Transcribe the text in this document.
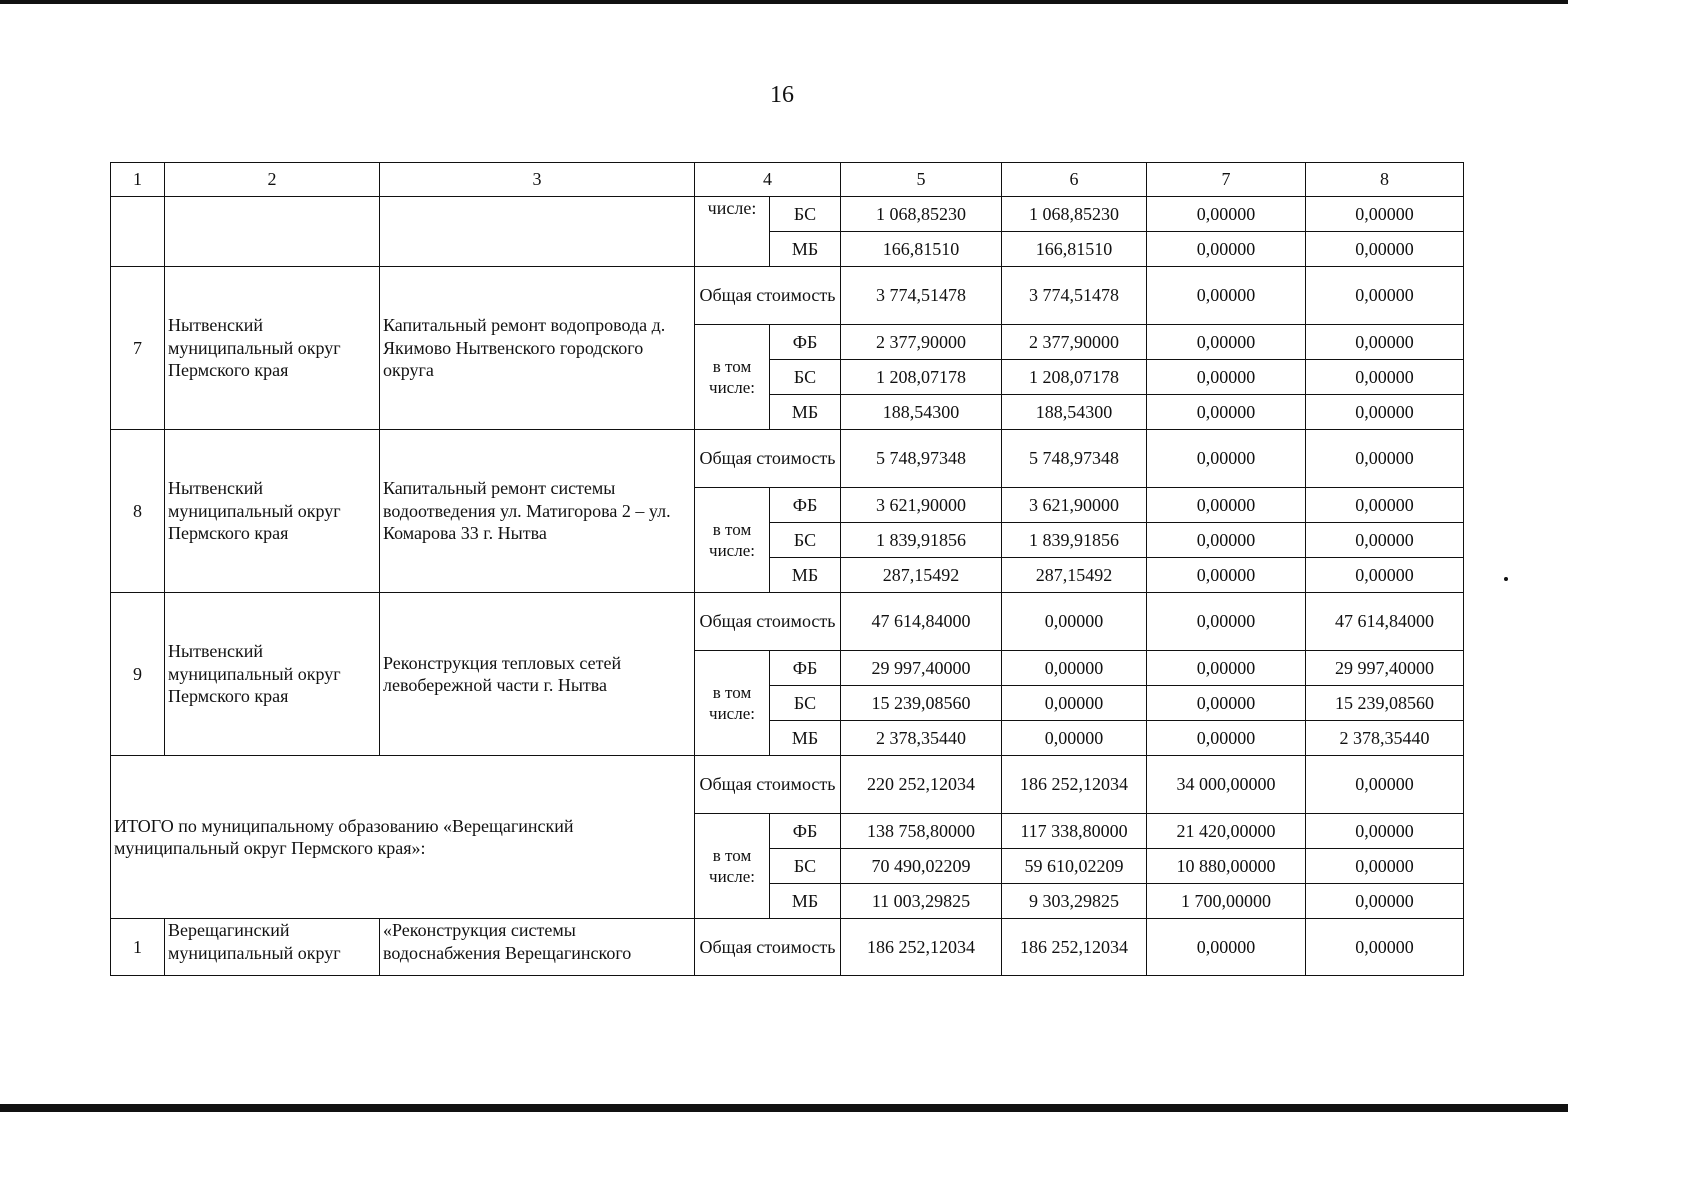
16
1	2	3	4		5	6	7	8
			числе:	БС	1 068,85230	1 068,85230	0,00000	0,00000
				МБ	166,81510	166,81510	0,00000	0,00000
7	Нытвенский муниципальный округ Пермского края	Капитальный ремонт водопровода д. Якимово Нытвенского городского округа	Общая стоимость		3 774,51478	3 774,51478	0,00000	0,00000
			в том числе:	ФБ	2 377,90000	2 377,90000	0,00000	0,00000
				БС	1 208,07178	1 208,07178	0,00000	0,00000
				МБ	188,54300	188,54300	0,00000	0,00000
8	Нытвенский муниципальный округ Пермского края	Капитальный ремонт системы водоотведения ул. Матигорова 2 – ул. Комарова 33 г. Нытва	Общая стоимость		5 748,97348	5 748,97348	0,00000	0,00000
			в том числе:	ФБ	3 621,90000	3 621,90000	0,00000	0,00000
				БС	1 839,91856	1 839,91856	0,00000	0,00000
				МБ	287,15492	287,15492	0,00000	0,00000
9	Нытвенский муниципальный округ Пермского края	Реконструкция тепловых сетей левобережной части г. Нытва	Общая стоимость		47 614,84000	0,00000	0,00000	47 614,84000
			в том числе:	ФБ	29 997,40000	0,00000	0,00000	29 997,40000
				БС	15 239,08560	0,00000	0,00000	15 239,08560
				МБ	2 378,35440	0,00000	0,00000	2 378,35440
ИТОГО по муниципальному образованию «Верещагинский муниципальный округ Пермского края»:			Общая стоимость		220 252,12034	186 252,12034	34 000,00000	0,00000
			в том числе:	ФБ	138 758,80000	117 338,80000	21 420,00000	0,00000
				БС	70 490,02209	59 610,02209	10 880,00000	0,00000
				МБ	11 003,29825	9 303,29825	1 700,00000	0,00000
1	Верещагинский муниципальный округ	«Реконструкция системы водоснабжения Верещагинского	Общая стоимость		186 252,12034	186 252,12034	0,00000	0,00000
